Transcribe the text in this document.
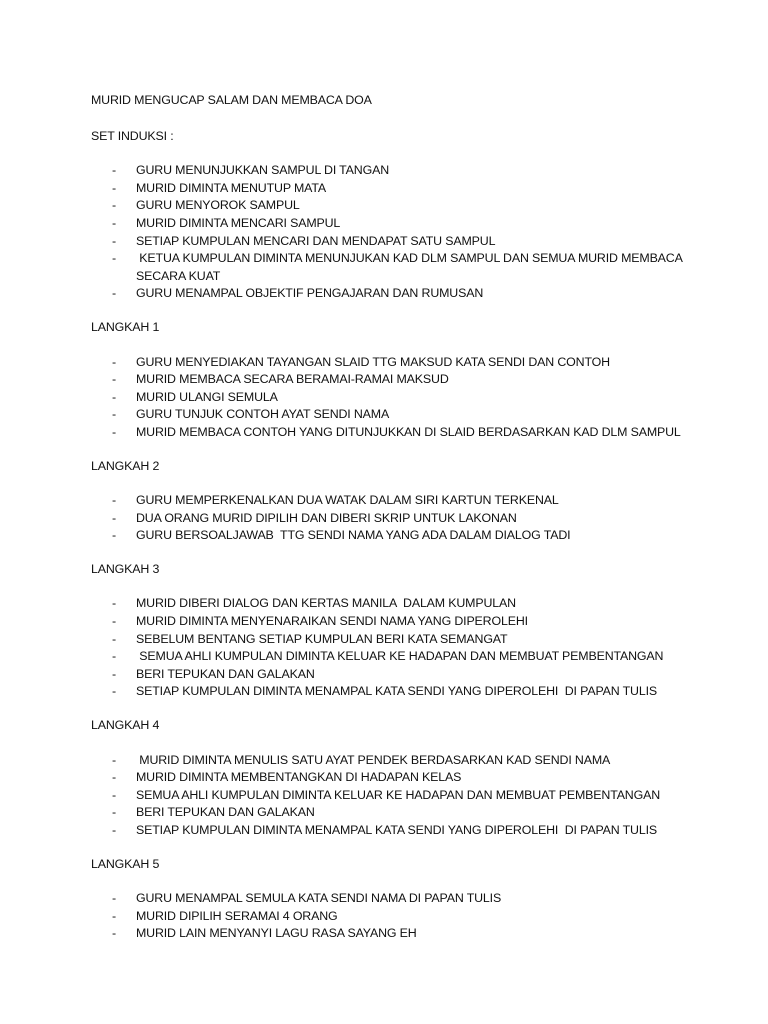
MURID MENGUCAP SALAM DAN MEMBACA DOA

SET INDUKSI :

- GURU MENUNJUKKAN SAMPUL DI TANGAN
- MURID DIMINTA MENUTUP MATA
- GURU MENYOROK SAMPUL
- MURID DIMINTA MENCARI SAMPUL
- SETIAP KUMPULAN MENCARI DAN MENDAPAT SATU SAMPUL
- KETUA KUMPULAN DIMINTA MENUNJUKAN KAD DLM SAMPUL DAN SEMUA MURID MEMBACA
SECARA KUAT
- GURU MENAMPAL OBJEKTIF PENGAJARAN DAN RUMUSAN

LANGKAH 1

- GURU MENYEDIAKAN TAYANGAN SLAID TTG MAKSUD KATA SENDI DAN CONTOH
- MURID MEMBACA SECARA BERAMAI-RAMAI MAKSUD
- MURID ULANGI SEMULA
- GURU TUNJUK CONTOH AYAT SENDI NAMA
- MURID MEMBACA CONTOH YANG DITUNJUKKAN DI SLAID BERDASARKAN KAD DLM SAMPUL

LANGKAH 2

- GURU MEMPERKENALKAN DUA WATAK DALAM SIRI KARTUN TERKENAL
- DUA ORANG MURID DIPILIH DAN DIBERI SKRIP UNTUK LAKONAN
- GURU BERSOALJAWAB  TTG SENDI NAMA YANG ADA DALAM DIALOG TADI

LANGKAH 3

- MURID DIBERI DIALOG DAN KERTAS MANILA  DALAM KUMPULAN
- MURID DIMINTA MENYENARAIKAN SENDI NAMA YANG DIPEROLEHI
- SEBELUM BENTANG SETIAP KUMPULAN BERI KATA SEMANGAT
- SEMUA AHLI KUMPULAN DIMINTA KELUAR KE HADAPAN DAN MEMBUAT PEMBENTANGAN
- BERI TEPUKAN DAN GALAKAN
- SETIAP KUMPULAN DIMINTA MENAMPAL KATA SENDI YANG DIPEROLEHI  DI PAPAN TULIS

LANGKAH 4

- MURID DIMINTA MENULIS SATU AYAT PENDEK BERDASARKAN KAD SENDI NAMA
- MURID DIMINTA MEMBENTANGKAN DI HADAPAN KELAS
- SEMUA AHLI KUMPULAN DIMINTA KELUAR KE HADAPAN DAN MEMBUAT PEMBENTANGAN
- BERI TEPUKAN DAN GALAKAN
- SETIAP KUMPULAN DIMINTA MENAMPAL KATA SENDI YANG DIPEROLEHI  DI PAPAN TULIS

LANGKAH 5

- GURU MENAMPAL SEMULA KATA SENDI NAMA DI PAPAN TULIS
- MURID DIPILIH SERAMAI 4 ORANG
- MURID LAIN MENYANYI LAGU RASA SAYANG EH
